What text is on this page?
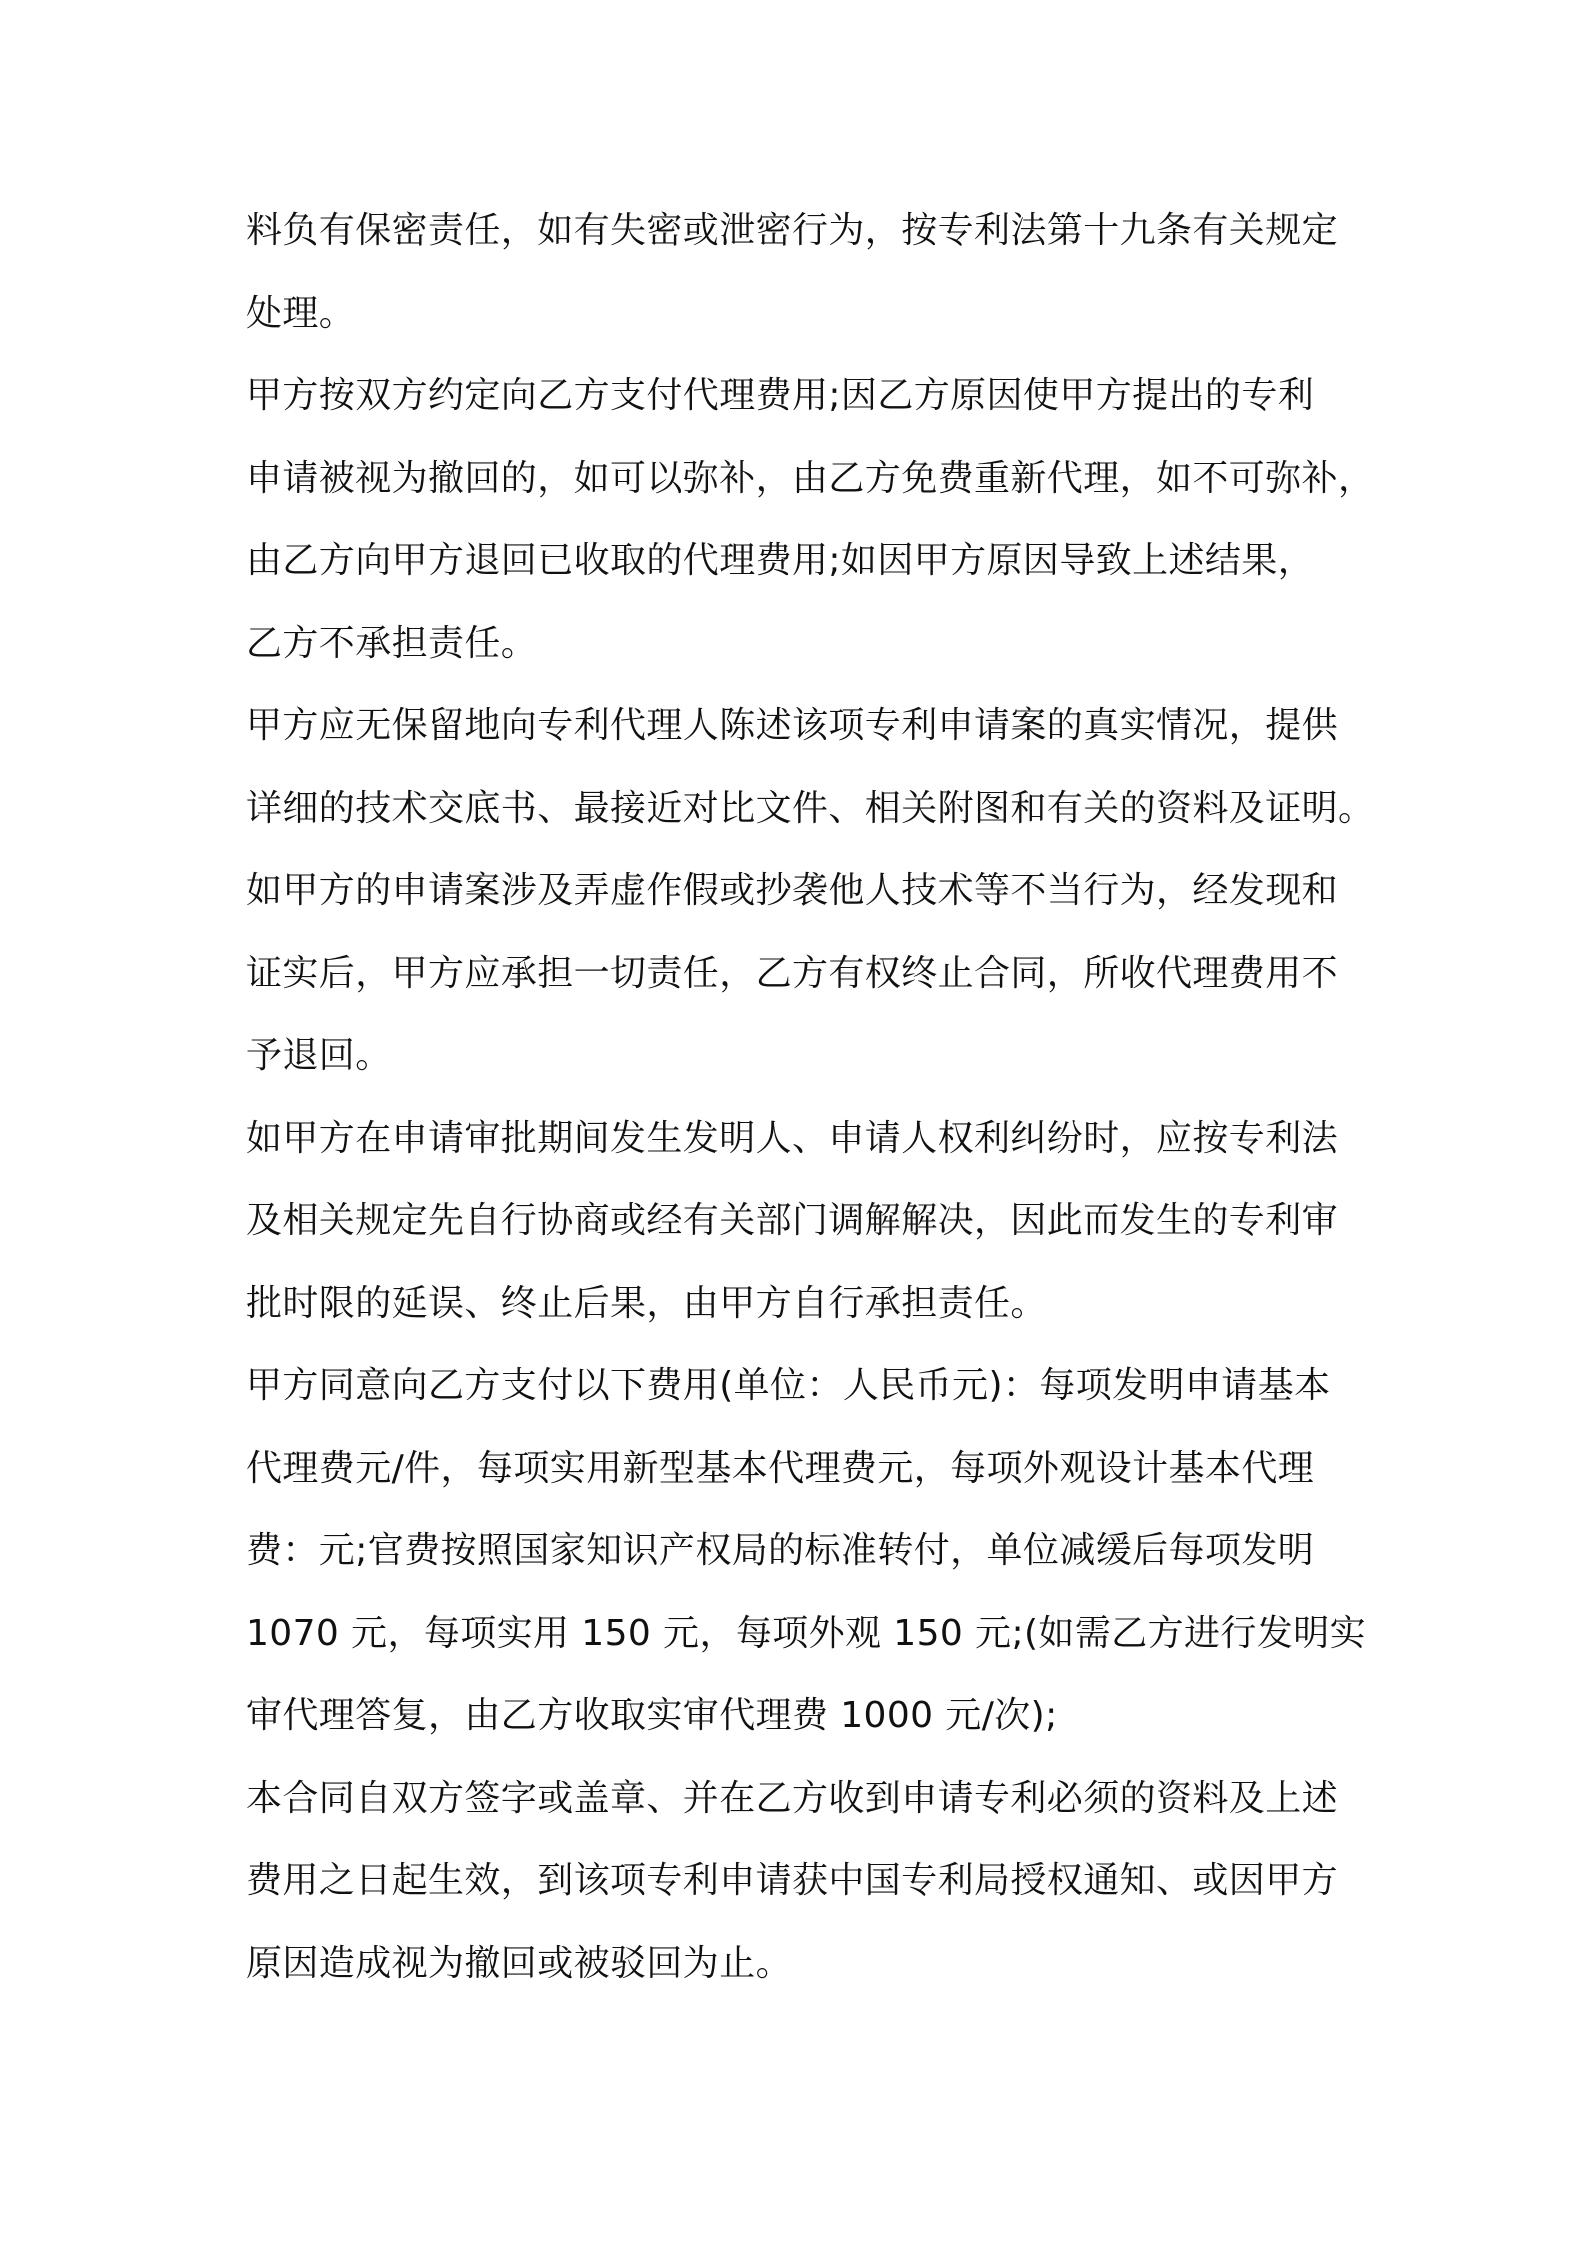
料负有保密责任，如有失密或泄密行为，按专利法第十九条有关规定
处理。
甲方按双方约定向乙方支付代理费用;因乙方原因使甲方提出的专利
申请被视为撤回的，如可以弥补，由乙方免费重新代理，如不可弥补，
由乙方向甲方退回已收取的代理费用;如因甲方原因导致上述结果，
乙方不承担责任。
甲方应无保留地向专利代理人陈述该项专利申请案的真实情况，提供
详细的技术交底书、最接近对比文件、相关附图和有关的资料及证明。
如甲方的申请案涉及弄虚作假或抄袭他人技术等不当行为，经发现和
证实后，甲方应承担一切责任，乙方有权终止合同，所收代理费用不
予退回。
如甲方在申请审批期间发生发明人、申请人权利纠纷时，应按专利法
及相关规定先自行协商或经有关部门调解解决，因此而发生的专利审
批时限的延误、终止后果，由甲方自行承担责任。
甲方同意向乙方支付以下费用(单位：人民币元)：每项发明申请基本
代理费元/件，每项实用新型基本代理费元，每项外观设计基本代理
费：元;官费按照国家知识产权局的标准转付，单位减缓后每项发明
1070 元，每项实用 150 元，每项外观 150 元;(如需乙方进行发明实
审代理答复，由乙方收取实审代理费 1000 元/次);
本合同自双方签字或盖章、并在乙方收到申请专利必须的资料及上述
费用之日起生效，到该项专利申请获中国专利局授权通知、或因甲方
原因造成视为撤回或被驳回为止。
